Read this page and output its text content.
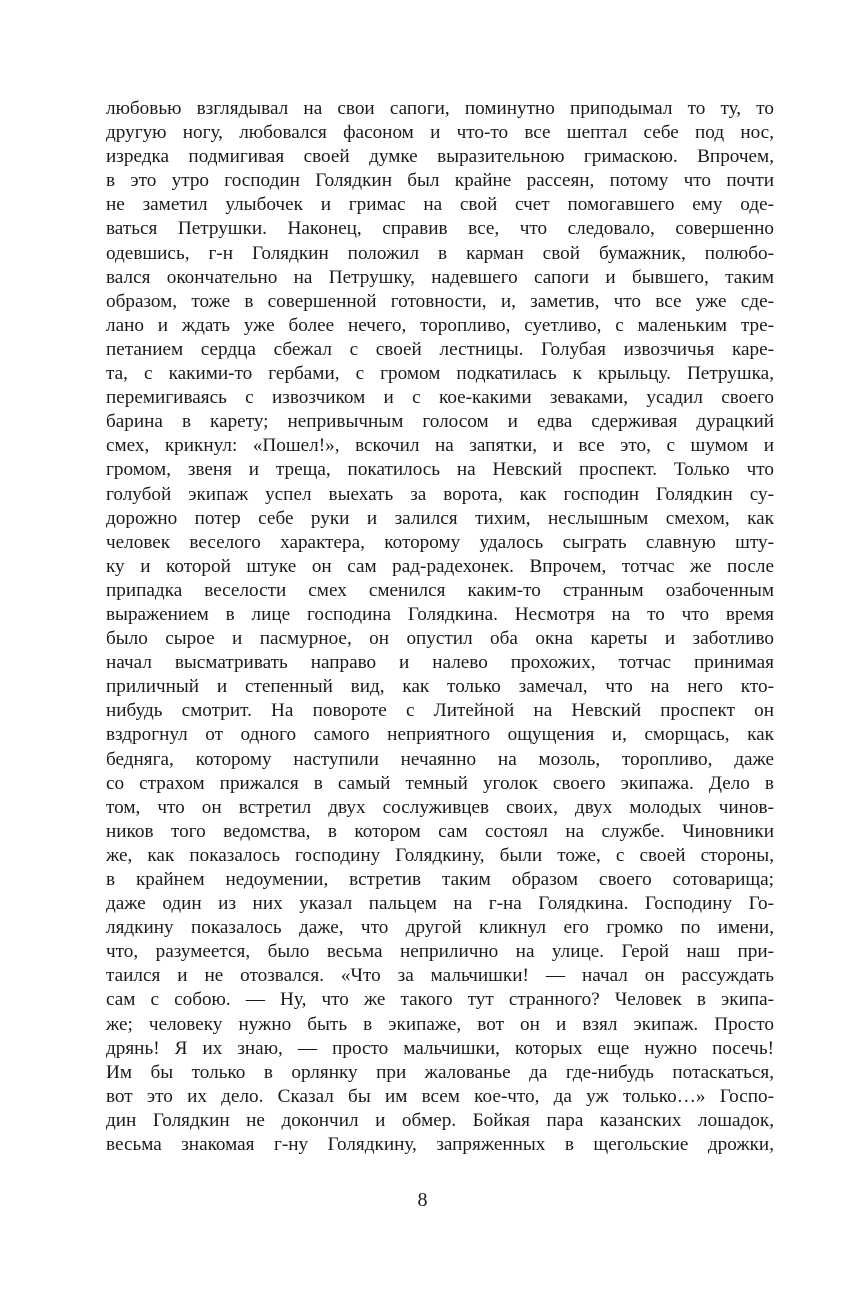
любовью взглядывал на свои сапоги, поминутно приподымал то ту, то
другую ногу, любовался фасоном и что-то все шептал себе под нос,
изредка подмигивая своей думке выразительною гримаскою. Впрочем,
в это утро господин Голядкин был крайне рассеян, потому что почти
не заметил улыбочек и гримас на свой счет помогавшего ему оде-
ваться Петрушки. Наконец, справив все, что следовало, совершенно
одевшись, г-н Голядкин положил в карман свой бумажник, полюбо-
вался окончательно на Петрушку, надевшего сапоги и бывшего, таким
образом, тоже в совершенной готовности, и, заметив, что все уже сде-
лано и ждать уже более нечего, торопливо, суетливо, с маленьким тре-
петанием сердца сбежал с своей лестницы. Голубая извозчичья каре-
та, с какими-то гербами, с громом подкатилась к крыльцу. Петрушка,
перемигиваясь с извозчиком и с кое-какими зеваками, усадил своего
барина в карету; непривычным голосом и едва сдерживая дурацкий
смех, крикнул: «Пошел!», вскочил на запятки, и все это, с шумом и
громом, звеня и треща, покатилось на Невский проспект. Только что
голубой экипаж успел выехать за ворота, как господин Голядкин су-
дорожно потер себе руки и залился тихим, неслышным смехом, как
человек веселого характера, которому удалось сыграть славную шту-
ку и которой штуке он сам рад-радехонек. Впрочем, тотчас же после
припадка веселости смех сменился каким-то странным озабоченным
выражением в лице господина Голядкина. Несмотря на то что время
было сырое и пасмурное, он опустил оба окна кареты и заботливо
начал высматривать направо и налево прохожих, тотчас принимая
приличный и степенный вид, как только замечал, что на него кто-
нибудь смотрит. На повороте с Литейной на Невский проспект он
вздрогнул от одного самого неприятного ощущения и, сморщась, как
бедняга, которому наступили нечаянно на мозоль, торопливо, даже
со страхом прижался в самый темный уголок своего экипажа. Дело в
том, что он встретил двух сослуживцев своих, двух молодых чинов-
ников того ведомства, в котором сам состоял на службе. Чиновники
же, как показалось господину Голядкину, были тоже, с своей стороны,
в крайнем недоумении, встретив таким образом своего сотоварища;
даже один из них указал пальцем на г-на Голядкина. Господину Го-
лядкину показалось даже, что другой кликнул его громко по имени,
что, разумеется, было весьма неприлично на улице. Герой наш при-
таился и не отозвался. «Что за мальчишки! — начал он рассуждать
сам с собою. — Ну, что же такого тут странного? Человек в экипа-
же; человеку нужно быть в экипаже, вот он и взял экипаж. Просто
дрянь! Я их знаю, — просто мальчишки, которых еще нужно посечь!
Им бы только в орлянку при жалованье да где-нибудь потаскаться,
вот это их дело. Сказал бы им всем кое-что, да уж только…» Госпо-
дин Голядкин не докончил и обмер. Бойкая пара казанских лошадок,
весьма знакомая г-ну Голядкину, запряженных в щегольские дрожки,
8
